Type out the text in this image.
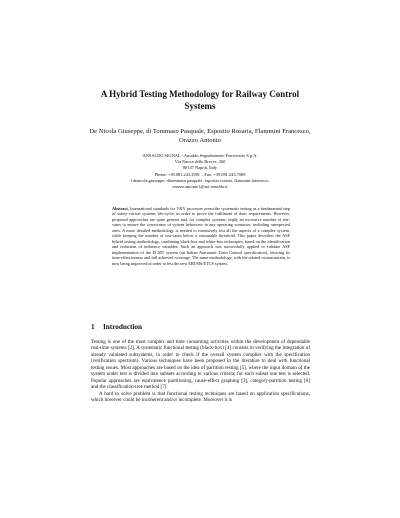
A Hybrid Testing Methodology for Railway Control Systems
De Nicola Giuseppe, di Tommaso Pasquale, Esposito Rosaria, Flammini Francesco, Orazzo Antonio
ANSALDO SIGNAL - Ansaldo Segnalamento Ferroviario S.p.A.
Via Nuova delle Brecce, 260
80147 Napoli, Italy
Phone: +39.081.243.2981 – Fax: +39.081.243.7089
{denicola.giuseppe, ditommaso.pasquale, esposito.rosaria, flammini.francesco,
orazzo.antonio}@asf.ansaldo.it
Abstract. International standards for V&V processes prescribe systematic testing as a fundamental step of safety-critical systems life-cycle, in order to prove the fulfilment of their requirements. However, proposed approaches are quite general and, for complex systems, imply an excessive number of test-cases to ensure the correctness of system behaviour in any operating scenarios, including unexpected ones. A more detailed methodology is needed to extensively test all the aspects of a complex system, while keeping the number of test-cases below a reasonable threshold. This paper describes the ASF hybrid testing methodology, combining black-box and white-box techniques, based on the identification and reduction of influence variables. Such an approach was successfully applied to validate ASF implementation of the ECMT system (an Italian Automatic Train Control specification), showing its time-effectiveness and full achieved coverage. The same methodology, with the related customization, is now being improved in order to test the new ERTMS/ETCS system.
1 Introduction

Testing is one of the most complex and time consuming activities within the development of dependable real-time systems [2]. A systematic functional testing (black-box) [4] consists in verifying the integration of already validated subsystems, in order to check if the overall system complies with the specification (verification spectrum). Various techniques have been proposed in the literature to deal with functional testing issues. Most approaches are based on the idea of partition testing [5], where the input domain of the system under test is divided into subsets according to various criteria; for each subset one test is selected. Popular approaches are equivalence partitioning, cause-effect graphing [3], category-partition testing [6] and the classification-tree method [7].

A hard to solve problem is that functional testing techniques are based on application specifications, which however could be incoherent and/or incomplete. Moreover it is
